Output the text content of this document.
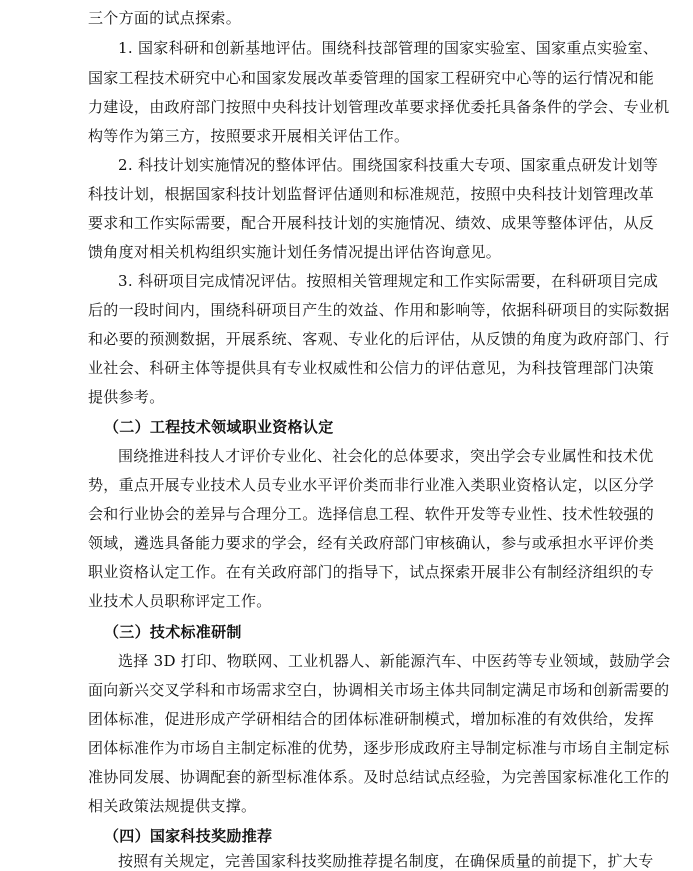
三个方面的试点探索。
1. 国家科研和创新基地评估。围绕科技部管理的国家实验室、国家重点实验室、
国家工程技术研究中心和国家发展改革委管理的国家工程研究中心等的运行情况和能
力建设，由政府部门按照中央科技计划管理改革要求择优委托具备条件的学会、专业机
构等作为第三方，按照要求开展相关评估工作。
2. 科技计划实施情况的整体评估。围绕国家科技重大专项、国家重点研发计划等
科技计划，根据国家科技计划监督评估通则和标准规范，按照中央科技计划管理改革
要求和工作实际需要，配合开展科技计划的实施情况、绩效、成果等整体评估，从反
馈角度对相关机构组织实施计划任务情况提出评估咨询意见。
3. 科研项目完成情况评估。按照相关管理规定和工作实际需要，在科研项目完成
后的一段时间内，围绕科研项目产生的效益、作用和影响等，依据科研项目的实际数据
和必要的预测数据，开展系统、客观、专业化的后评估，从反馈的角度为政府部门、行
业社会、科研主体等提供具有专业权威性和公信力的评估意见，为科技管理部门决策
提供参考。
（二）工程技术领域职业资格认定
围绕推进科技人才评价专业化、社会化的总体要求，突出学会专业属性和技术优
势，重点开展专业技术人员专业水平评价类而非行业准入类职业资格认定，以区分学
会和行业协会的差异与合理分工。选择信息工程、软件开发等专业性、技术性较强的
领域，遴选具备能力要求的学会，经有关政府部门审核确认，参与或承担水平评价类
职业资格认定工作。在有关政府部门的指导下，试点探索开展非公有制经济组织的专
业技术人员职称评定工作。
（三）技术标准研制
选择 3D 打印、物联网、工业机器人、新能源汽车、中医药等专业领域，鼓励学会
面向新兴交叉学科和市场需求空白，协调相关市场主体共同制定满足市场和创新需要的
团体标准，促进形成产学研相结合的团体标准研制模式，增加标准的有效供给，发挥
团体标准作为市场自主制定标准的优势，逐步形成政府主导制定标准与市场自主制定标
准协同发展、协调配套的新型标准体系。及时总结试点经验，为完善国家标准化工作的
相关政策法规提供支撑。
（四）国家科技奖励推荐
按照有关规定，完善国家科技奖励推荐提名制度，在确保质量的前提下，扩大专
